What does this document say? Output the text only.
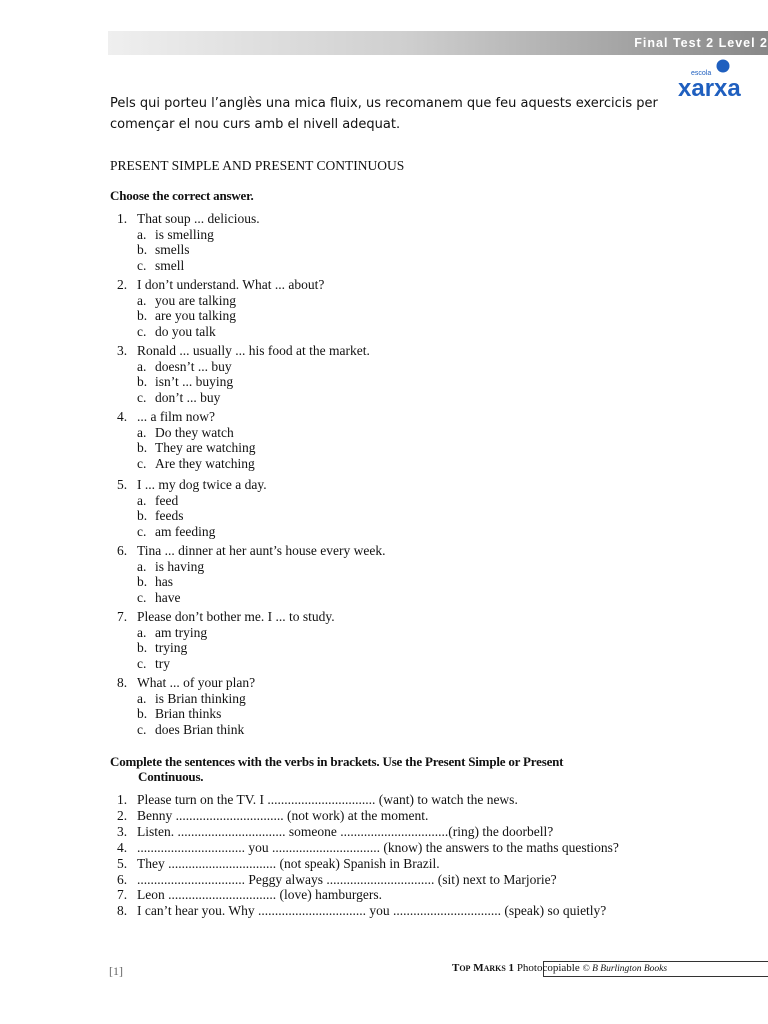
Final Test 2 Level 2
escola
xarxa
Pels qui porteu l’anglès una mica fluix, us recomanem que feu aquests exercicis per començar el nou curs amb el nivell adequat.
PRESENT SIMPLE AND PRESENT CONTINUOUS
Choose the correct answer.
1. That soup ... delicious.
a. is smelling
b. smells
c. smell
2. I don’t understand. What ... about?
a. you are talking
b. are you talking
c. do you talk
3. Ronald ... usually ... his food at the market.
a. doesn’t ... buy
b. isn’t ... buying
c. don’t ... buy
4. ... a film now?
a. Do they watch
b. They are watching
c. Are they watching
5. I ... my dog twice a day.
a. feed
b. feeds
c. am feeding
6. Tina ... dinner at her aunt’s house every week.
a. is having
b. has
c. have
7. Please don’t bother me. I ... to study.
a. am trying
b. trying
c. try
8. What ... of your plan?
a. is Brian thinking
b. Brian thinks
c. does Brian think
Complete the sentences with the verbs in brackets. Use the Present Simple or Present
Continuous.
1. Please turn on the TV. I ................................ (want) to watch the news.
2. Benny ................................ (not work) at the moment.
3. Listen. ................................ someone ................................(ring) the doorbell?
4. ................................ you ................................ (know) the answers to the maths questions?
5. They ................................ (not speak) Spanish in Brazil.
6. ................................ Peggy always ................................ (sit) next to Marjorie?
7. Leon ................................ (love) hamburgers.
8. I can’t hear you. Why ................................ you ................................ (speak) so quietly?
[1]	Top Marks 1 Photocopiable © B Burlington Books
